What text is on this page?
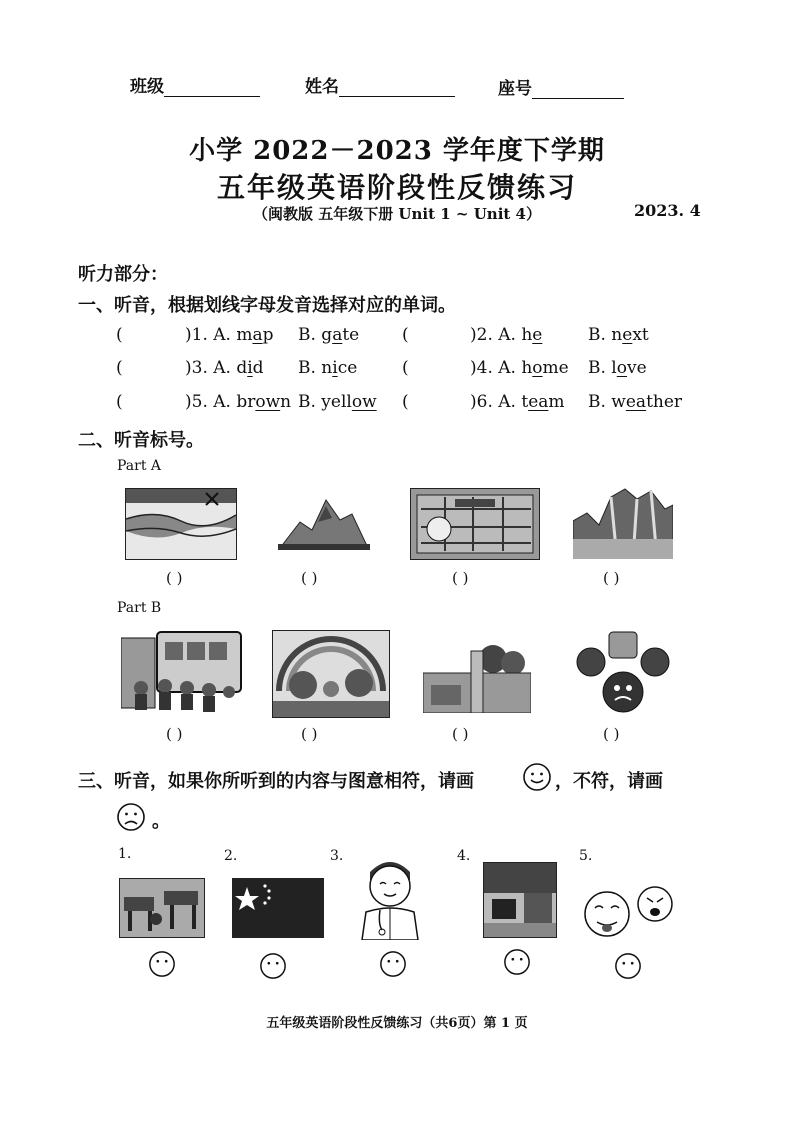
班级	姓名	座号
小学 2022－2023 学年度下学期
五年级英语阶段性反馈练习
（闽教版 五年级下册 Unit 1 ~ Unit 4）	2023. 4
听力部分：
一、听音，根据划线字母发音选择对应的单词。
(	)1. A. map B. gate	(	)2. A. he	B. next
(	)3. A. did B. nice	(	)4. A. home B. love
(	)5. A. brown B. yellow (	)6. A. team B. weather
二、听音标号。
Part A
( )	( )	( )	( )
Part B
( )	( )	( )	( )
三、听音，如果你所听到的内容与图意相符，请画	，不符，请画
。
1.	2.	3.	4.	5.
五年级英语阶段性反馈练习（共6页）第 1 页
